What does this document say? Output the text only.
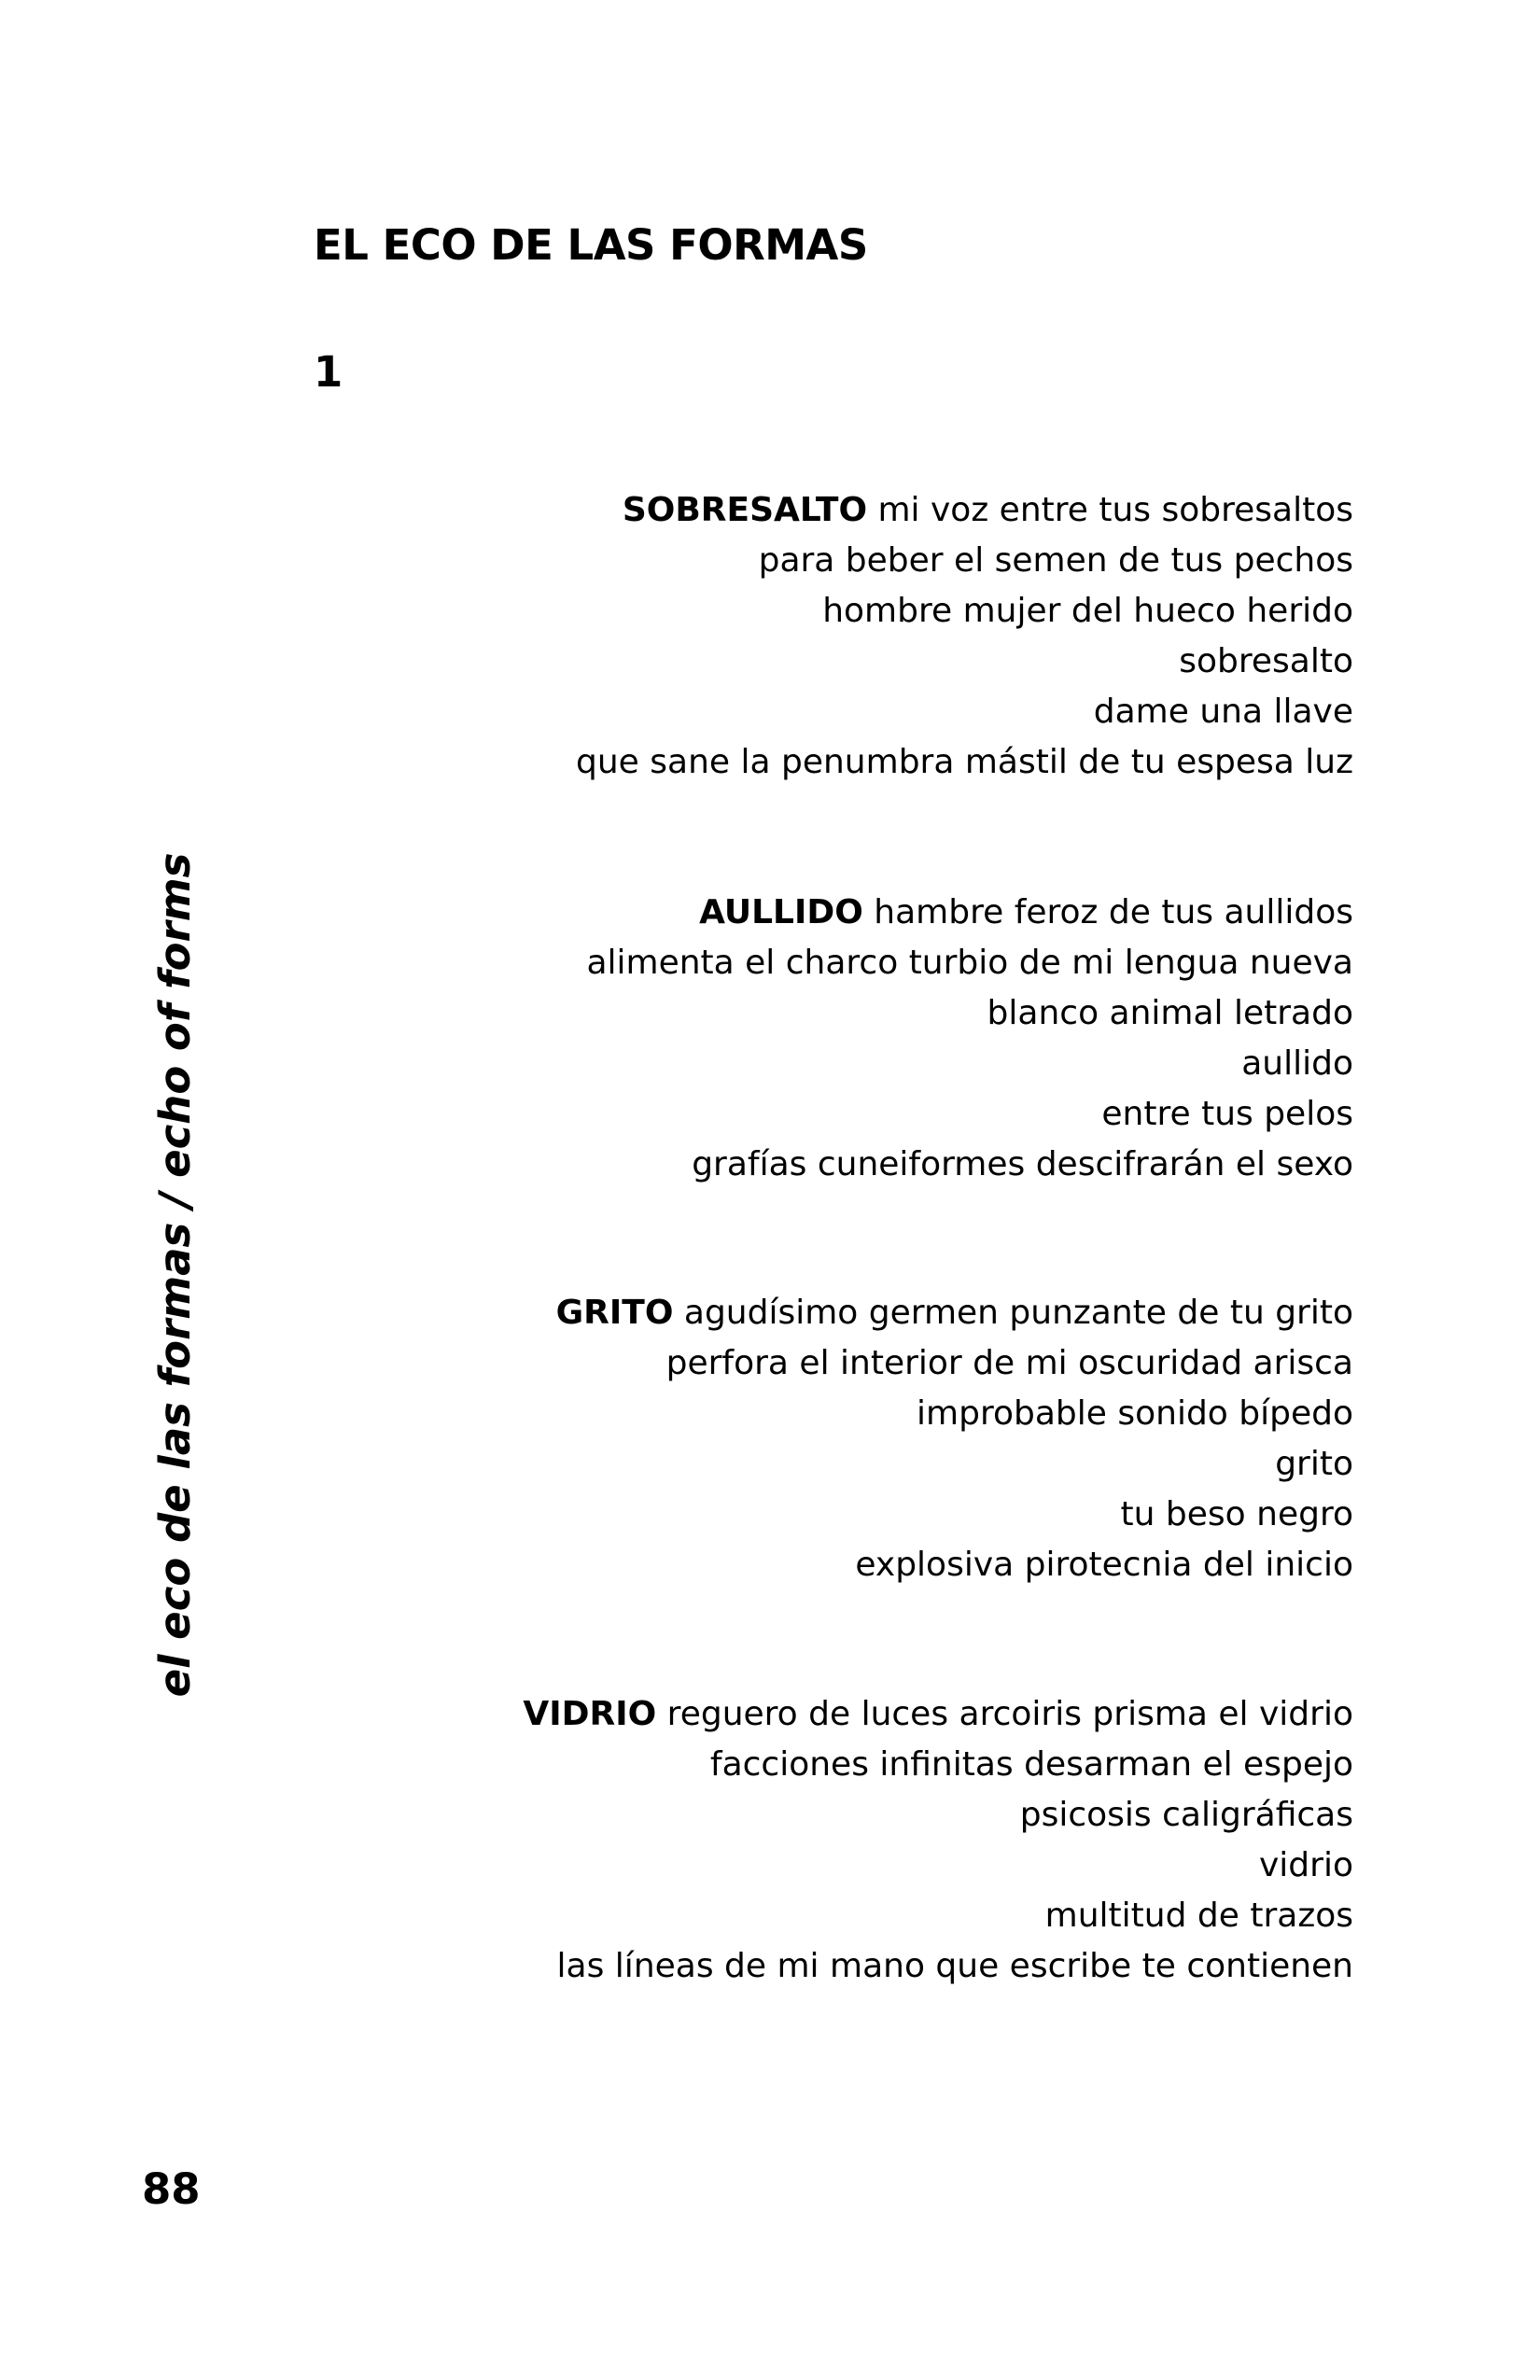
EL ECO DE LAS FORMAS
1
SOBRESALTO mi voz entre tus sobresaltos
para beber el semen de tus pechos
hombre mujer del hueco herido
sobresalto
dame una llave
que sane la penumbra mástil de tu espesa luz
AULLIDO hambre feroz de tus aullidos
alimenta el charco turbio de mi lengua nueva
blanco animal letrado
aullido
entre tus pelos
grafías cuneiformes descifrarán el sexo
GRITO agudísimo germen punzante de tu grito
perfora el interior de mi oscuridad arisca
improbable sonido bípedo
grito
tu beso negro
explosiva pirotecnia del inicio
VIDRIO reguero de luces arcoiris prisma el vidrio
facciones infinitas desarman el espejo
psicosis caligráficas
vidrio
multitud de trazos
las líneas de mi mano que escribe te contienen
el eco de las formas / echo of forms
88
